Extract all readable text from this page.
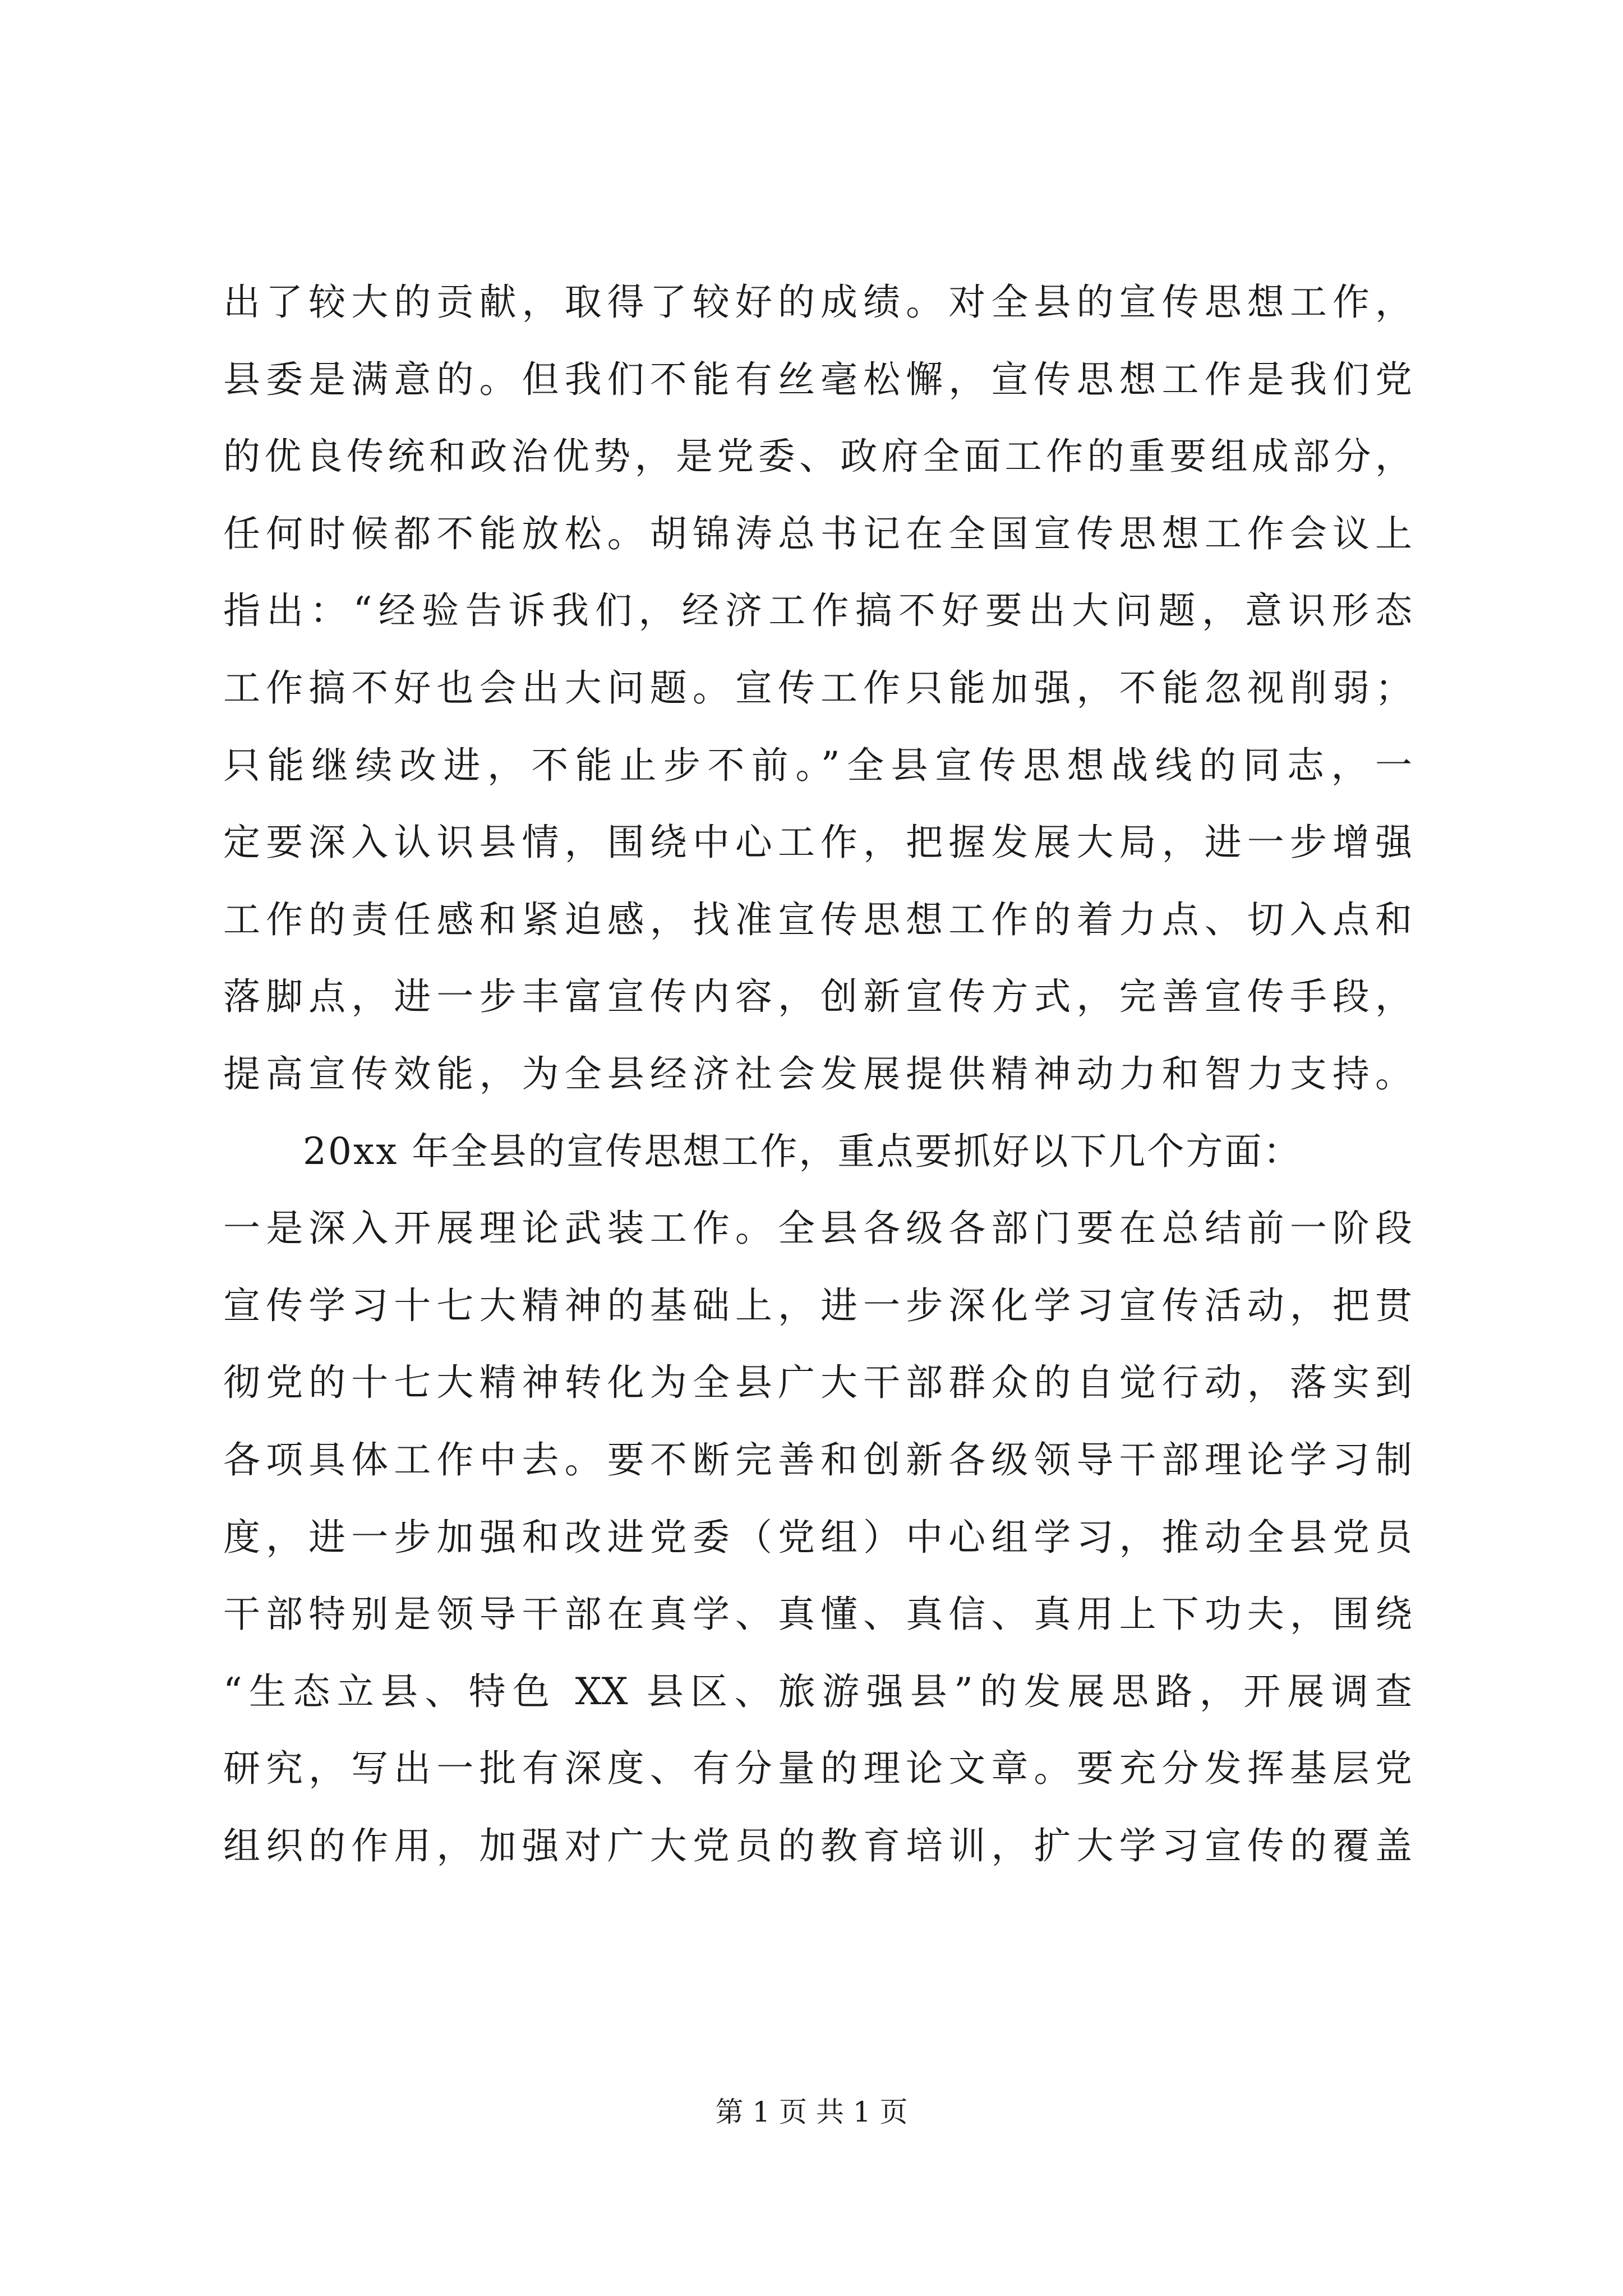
出了较大的贡献，取得了较好的成绩。对全县的宣传思想工作，
县委是满意的。但我们不能有丝毫松懈，宣传思想工作是我们党
的优良传统和政治优势，是党委、政府全面工作的重要组成部分，
任何时候都不能放松。胡锦涛总书记在全国宣传思想工作会议上
指出：“经验告诉我们，经济工作搞不好要出大问题，意识形态
工作搞不好也会出大问题。宣传工作只能加强，不能忽视削弱；
只能继续改进，不能止步不前。”全县宣传思想战线的同志，一
定要深入认识县情，围绕中心工作，把握发展大局，进一步增强
工作的责任感和紧迫感，找准宣传思想工作的着力点、切入点和
落脚点，进一步丰富宣传内容，创新宣传方式，完善宣传手段，
提高宣传效能，为全县经济社会发展提供精神动力和智力支持。
20xx 年全县的宣传思想工作，重点要抓好以下几个方面：
一是深入开展理论武装工作。全县各级各部门要在总结前一阶段
宣传学习十七大精神的基础上，进一步深化学习宣传活动，把贯
彻党的十七大精神转化为全县广大干部群众的自觉行动，落实到
各项具体工作中去。要不断完善和创新各级领导干部理论学习制
度，进一步加强和改进党委（党组）中心组学习，推动全县党员
干部特别是领导干部在真学、真懂、真信、真用上下功夫，围绕
“生态立县、特色 XX 县区、旅游强县”的发展思路，开展调查
研究，写出一批有深度、有分量的理论文章。要充分发挥基层党
组织的作用，加强对广大党员的教育培训，扩大学习宣传的覆盖
第 1 页 共 1 页
